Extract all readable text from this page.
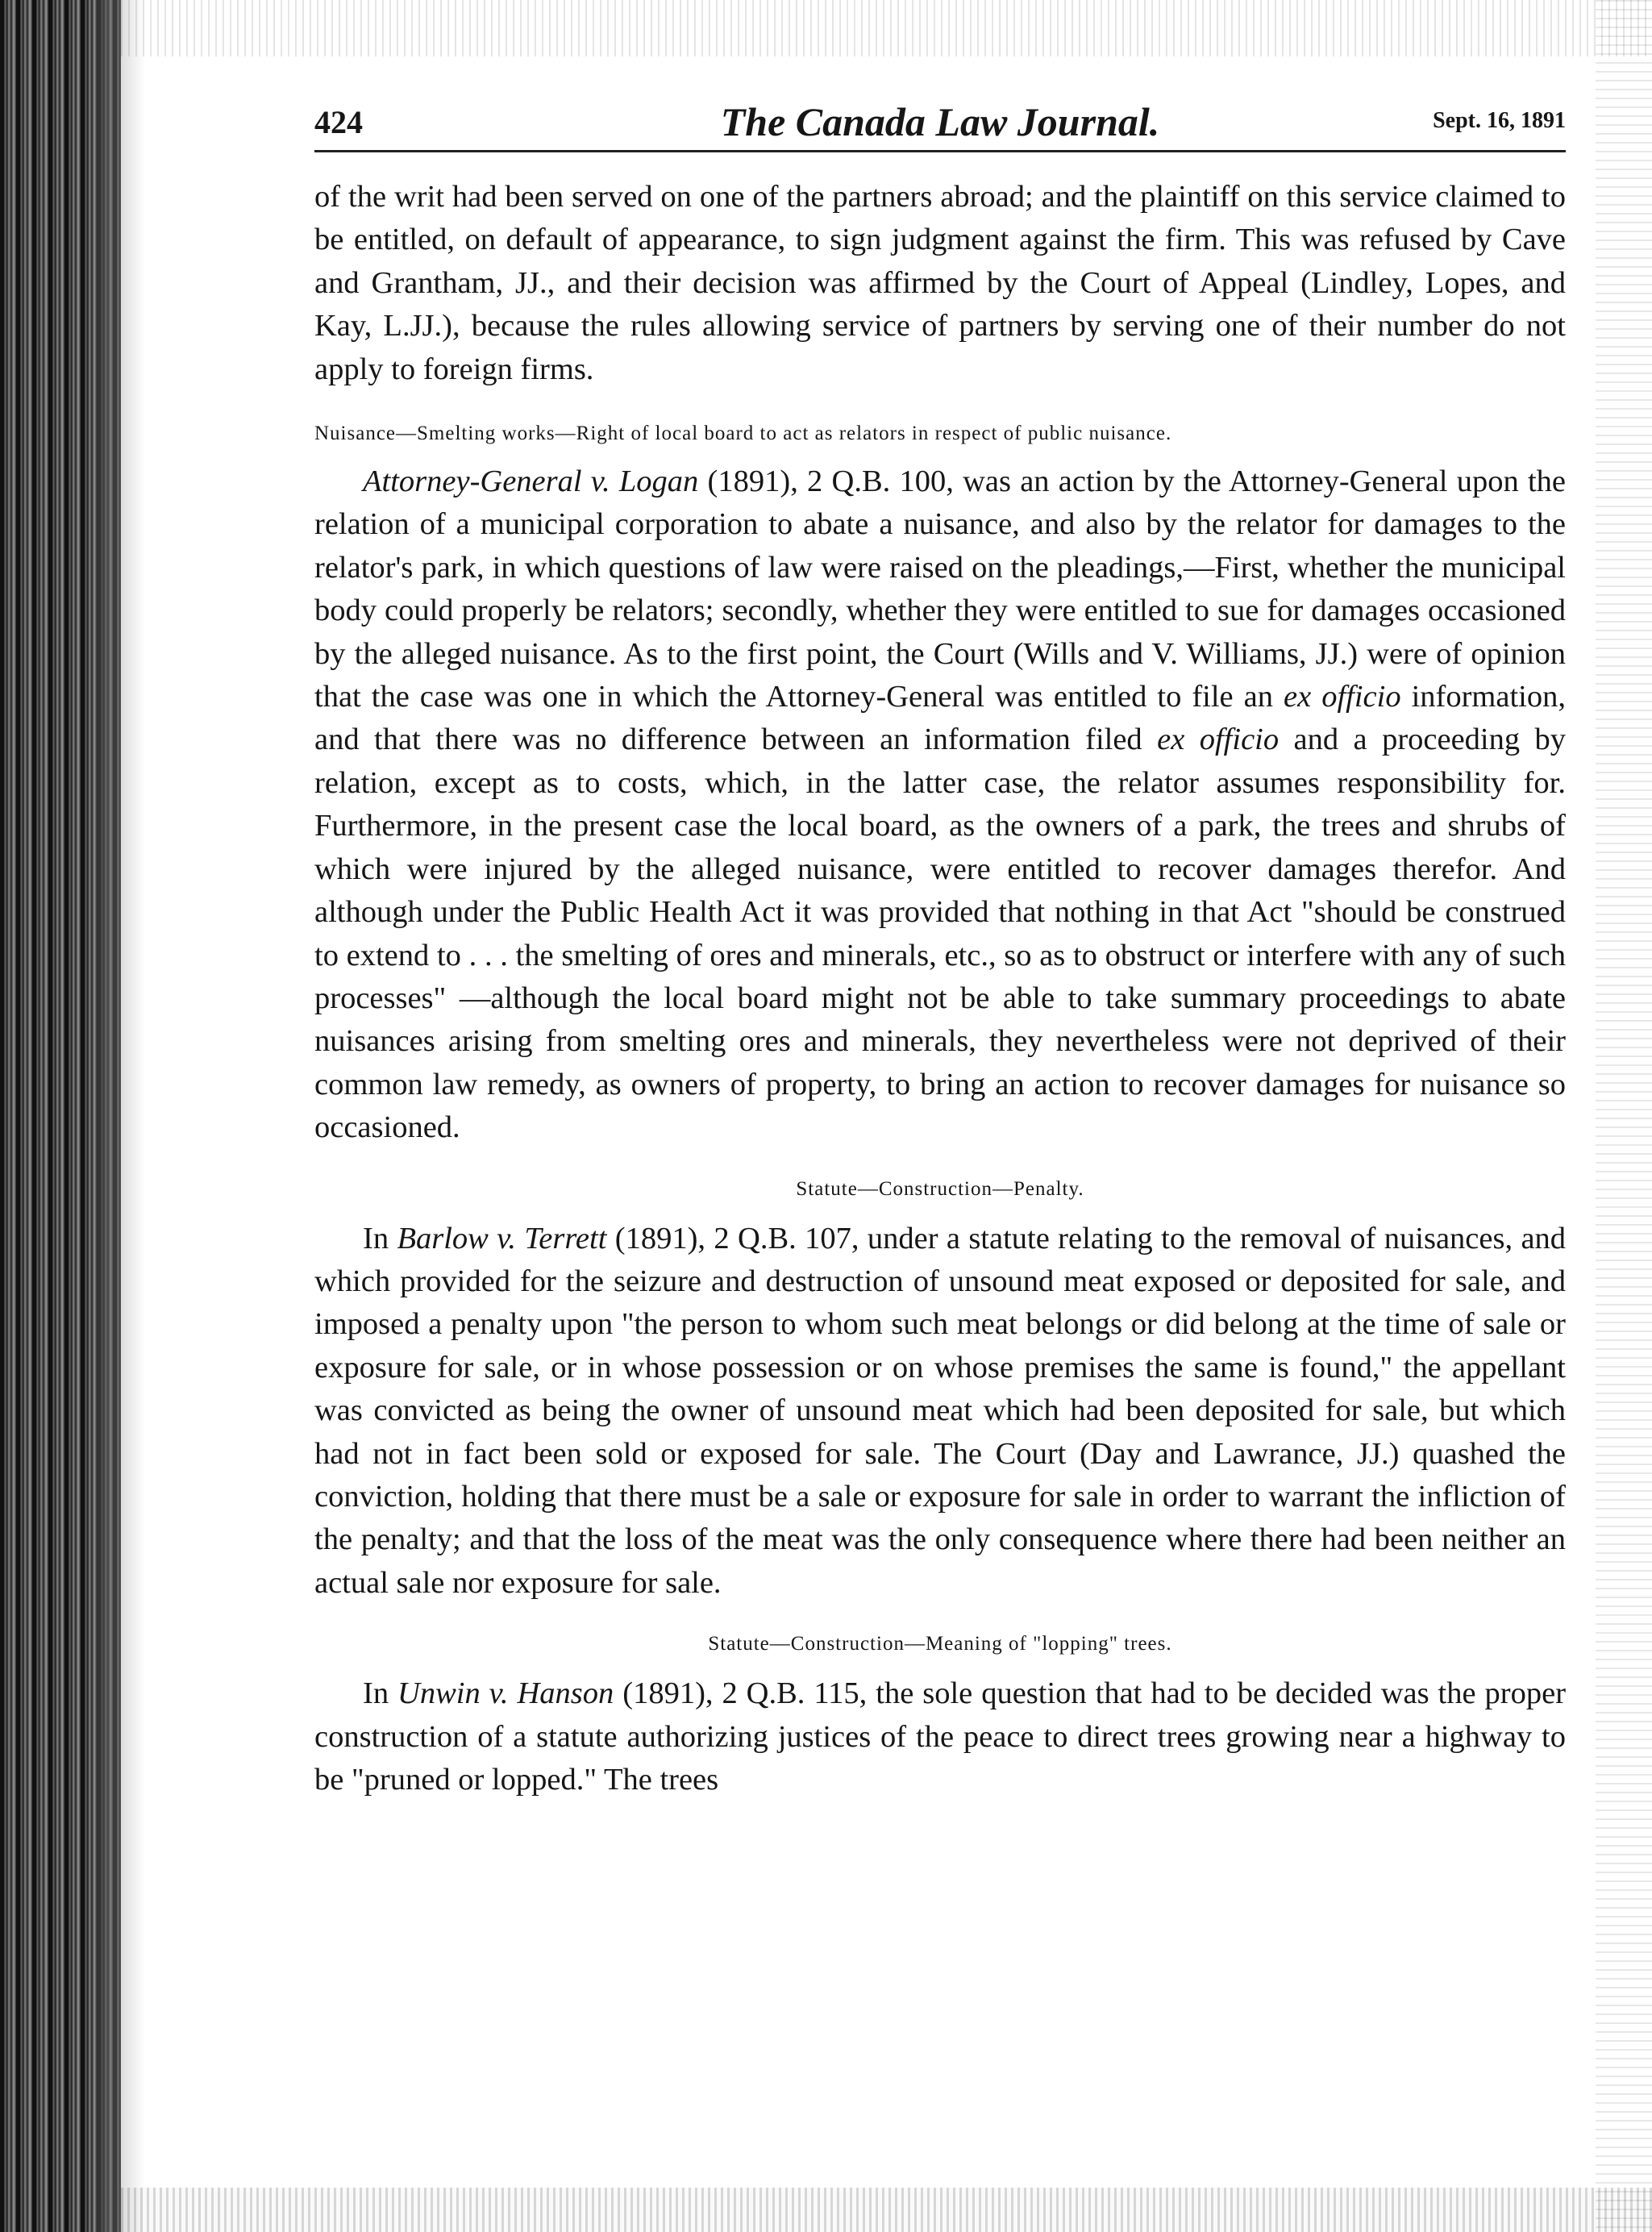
424	The Canada Law Journal.	Sept. 16, 1891

of the writ had been served on one of the partners abroad; and the plaintiff on this service claimed to be entitled, on default of appearance, to sign judgment against the firm. This was refused by Cave and Grantham, JJ., and their decision was affirmed by the Court of Appeal (Lindley, Lopes, and Kay, L.JJ.), because the rules allowing service of partners by serving one of their number do not apply to foreign firms.

Nuisance—Smelting works—Right of local board to act as relators in respect of public nuisance.

Attorney-General v. Logan (1891), 2 Q.B. 100, was an action by the Attorney-General upon the relation of a municipal corporation to abate a nuisance, and also by the relator for damages to the relator's park, in which questions of law were raised on the pleadings,—First, whether the municipal body could properly be relators; secondly, whether they were entitled to sue for damages occasioned by the alleged nuisance. As to the first point, the Court (Wills and V. Williams, JJ.) were of opinion that the case was one in which the Attorney-General was entitled to file an ex officio information, and that there was no difference between an information filed ex officio and a proceeding by relation, except as to costs, which, in the latter case, the relator assumes responsibility for. Furthermore, in the present case the local board, as the owners of a park, the trees and shrubs of which were injured by the alleged nuisance, were entitled to recover damages therefor. And although under the Public Health Act it was provided that nothing in that Act "should be construed to extend to . . . the smelting of ores and minerals, etc., so as to obstruct or interfere with any of such processes" —although the local board might not be able to take summary proceedings to abate nuisances arising from smelting ores and minerals, they nevertheless were not deprived of their common law remedy, as owners of property, to bring an action to recover damages for nuisance so occasioned.

Statute—Construction—Penalty.

In Barlow v. Terrett (1891), 2 Q.B. 107, under a statute relating to the removal of nuisances, and which provided for the seizure and destruction of unsound meat exposed or deposited for sale, and imposed a penalty upon "the person to whom such meat belongs or did belong at the time of sale or exposure for sale, or in whose possession or on whose premises the same is found," the appellant was convicted as being the owner of unsound meat which had been deposited for sale, but which had not in fact been sold or exposed for sale. The Court (Day and Lawrance, JJ.) quashed the conviction, holding that there must be a sale or exposure for sale in order to warrant the infliction of the penalty; and that the loss of the meat was the only consequence where there had been neither an actual sale nor exposure for sale.

Statute—Construction—Meaning of "lopping" trees.

In Unwin v. Hanson (1891), 2 Q.B. 115, the sole question that had to be decided was the proper construction of a statute authorizing justices of the peace to direct trees growing near a highway to be "pruned or lopped." The trees
